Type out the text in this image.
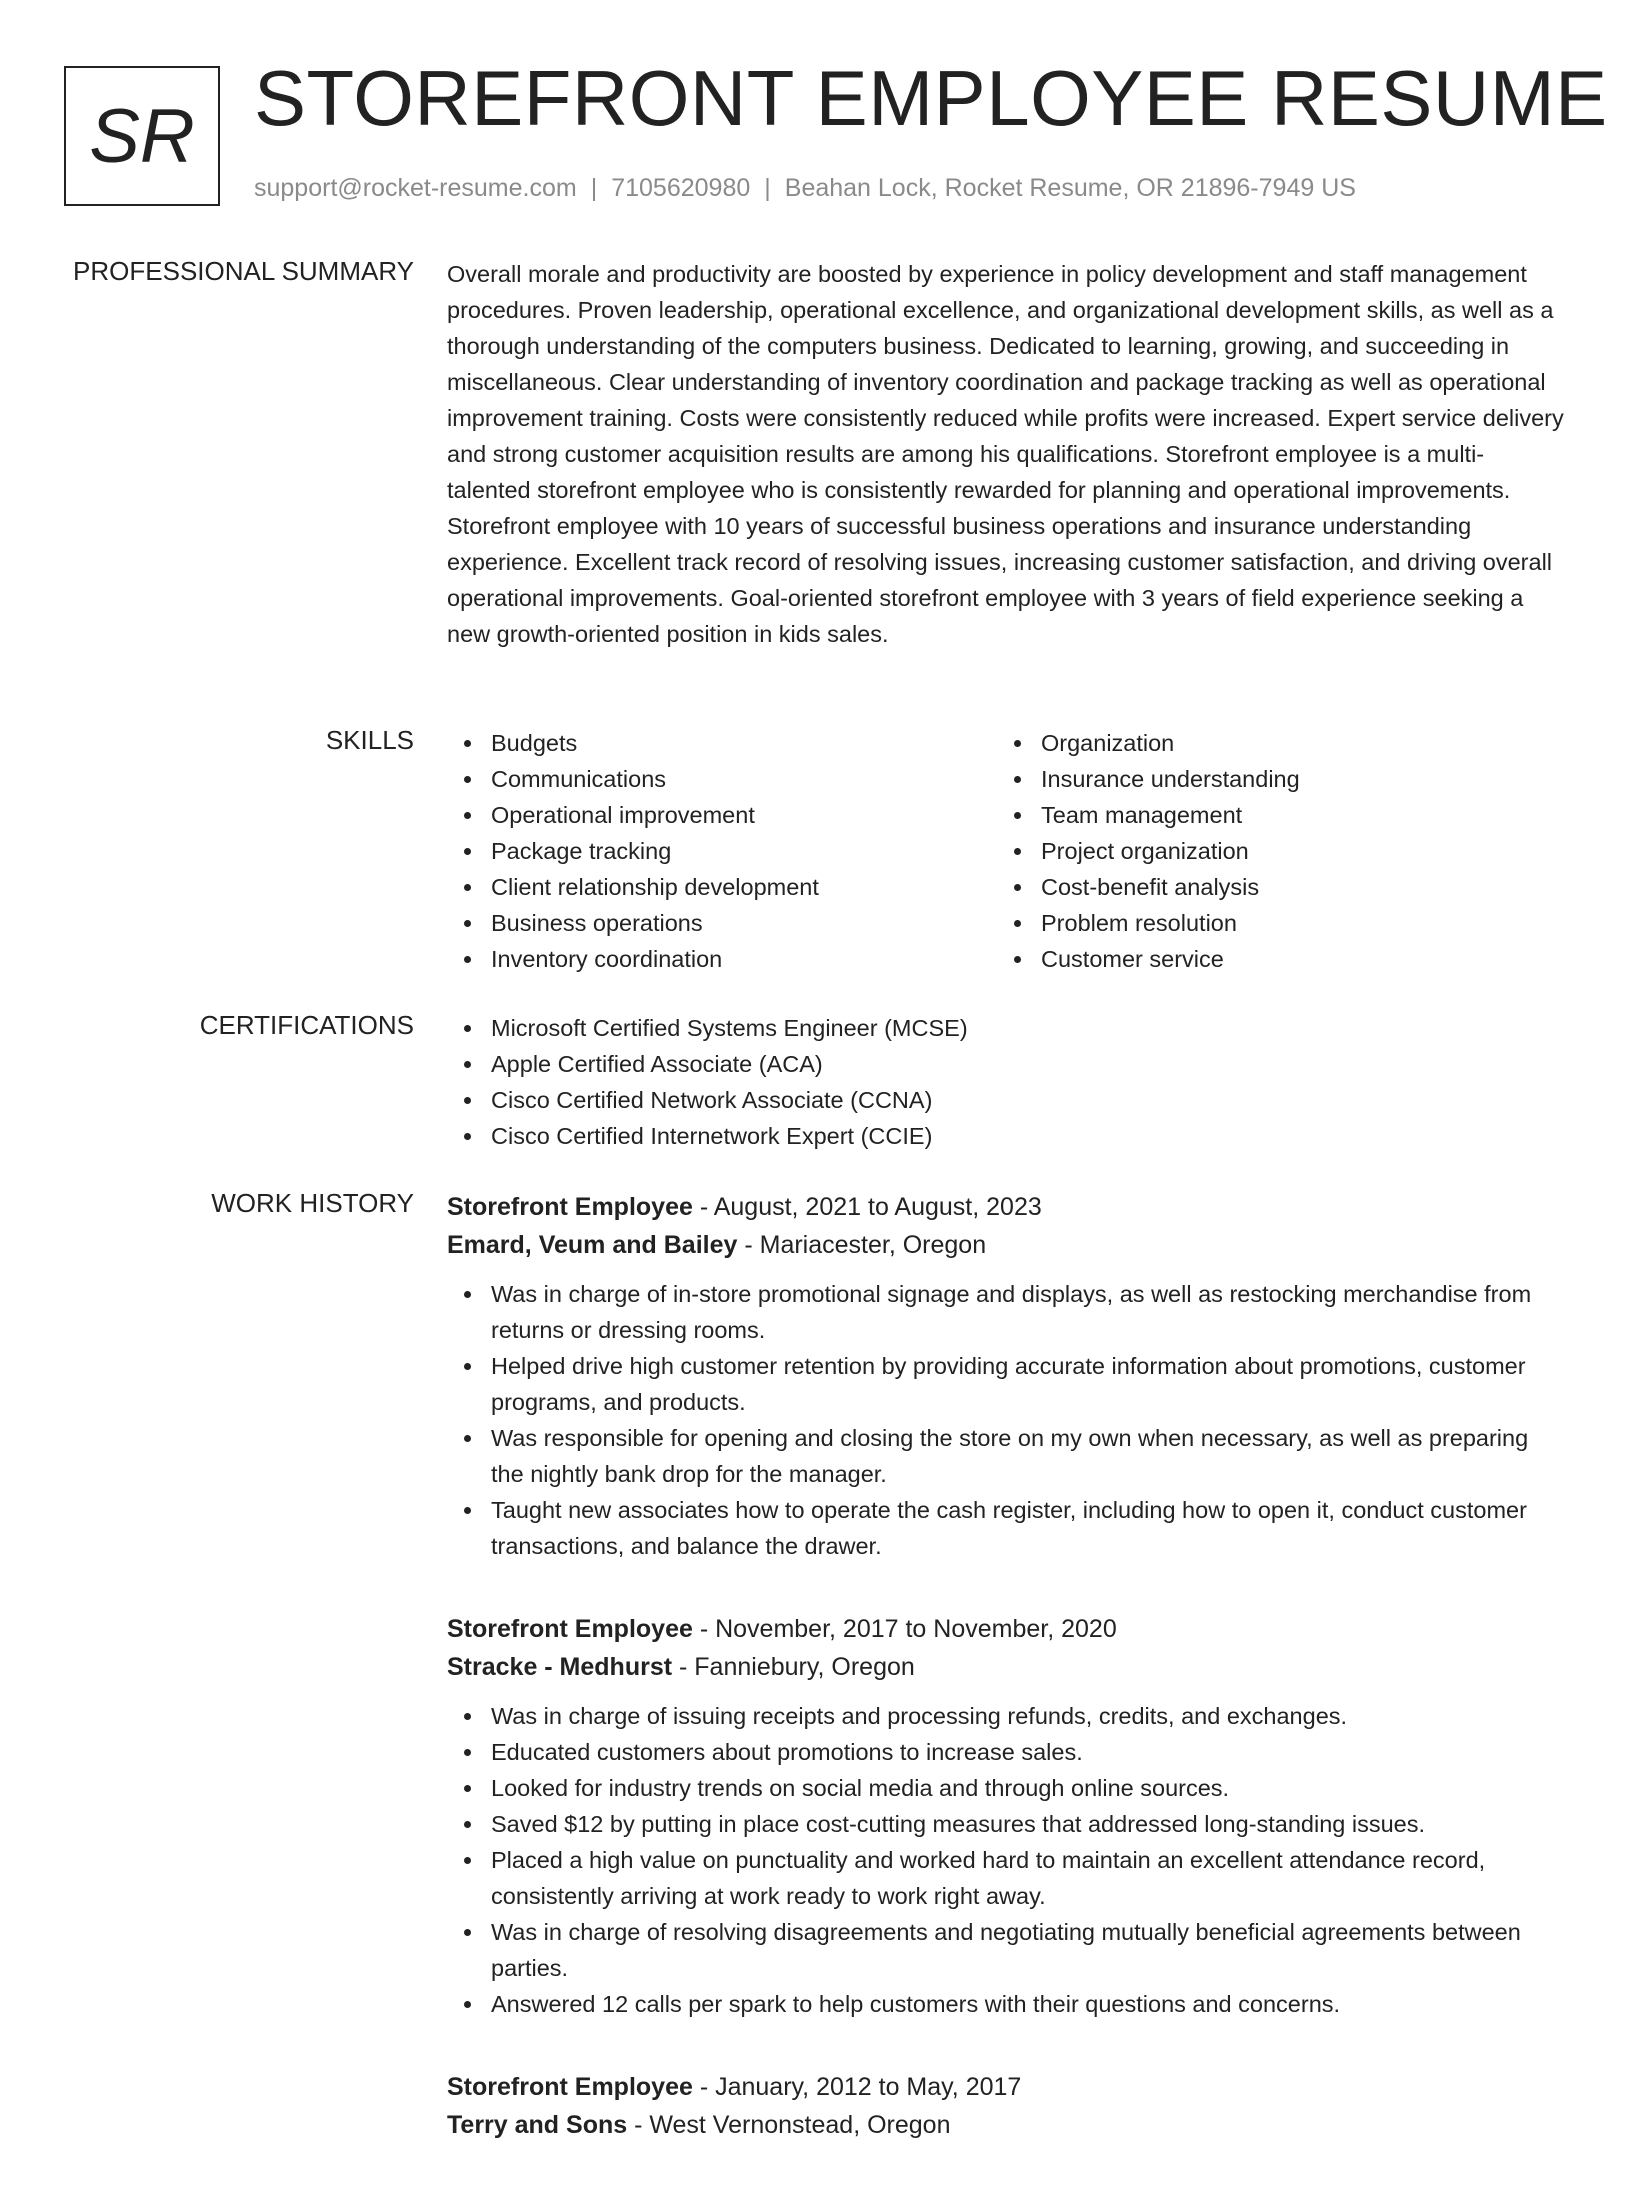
SR STOREFRONT EMPLOYEE RESUME
support@rocket-resume.com | 7105620980 | Beahan Lock, Rocket Resume, OR 21896-7949 US
PROFESSIONAL SUMMARY Overall morale and productivity are boosted by experience in policy development and staff management procedures. Proven leadership, operational excellence, and organizational development skills, as well as a thorough understanding of the computers business. Dedicated to learning, growing, and succeeding in miscellaneous. Clear understanding of inventory coordination and package tracking as well as operational improvement training. Costs were consistently reduced while profits were increased. Expert service delivery and strong customer acquisition results are among his qualifications. Storefront employee is a multi-talented storefront employee who is consistently rewarded for planning and operational improvements. Storefront employee with 10 years of successful business operations and insurance understanding experience. Excellent track record of resolving issues, increasing customer satisfaction, and driving overall operational improvements. Goal-oriented storefront employee with 3 years of field experience seeking a new growth-oriented position in kids sales.

SKILLS	Budgets
Communications
Operational improvement
Package tracking
Client relationship development
Business operations
Inventory coordination
Organization
Insurance understanding
Team management
Project organization
Cost-benefit analysis
Problem resolution
Customer service
CERTIFICATIONS	Microsoft Certified Systems Engineer (MCSE)
Apple Certified Associate (ACA)
Cisco Certified Network Associate (CCNA)
Cisco Certified Internetwork Expert (CCIE)
WORK HISTORY Storefront Employee - August, 2021 to August, 2023
Emard, Veum and Bailey - Mariacester, Oregon
Was in charge of in-store promotional signage and displays, as well as restocking merchandise from returns or dressing rooms.
Helped drive high customer retention by providing accurate information about promotions, customer programs, and products.
Was responsible for opening and closing the store on my own when necessary, as well as preparing the nightly bank drop for the manager.
Taught new associates how to operate the cash register, including how to open it, conduct customer transactions, and balance the drawer.
Storefront Employee - November, 2017 to November, 2020
Stracke - Medhurst - Fanniebury, Oregon
Was in charge of issuing receipts and processing refunds, credits, and exchanges.
Educated customers about promotions to increase sales.
Looked for industry trends on social media and through online sources.
Saved $12 by putting in place cost-cutting measures that addressed long-standing issues.
Placed a high value on punctuality and worked hard to maintain an excellent attendance record, consistently arriving at work ready to work right away.
Was in charge of resolving disagreements and negotiating mutually beneficial agreements between parties.
Answered 12 calls per spark to help customers with their questions and concerns.
Storefront Employee - January, 2012 to May, 2017
Terry and Sons - West Vernonstead, Oregon
